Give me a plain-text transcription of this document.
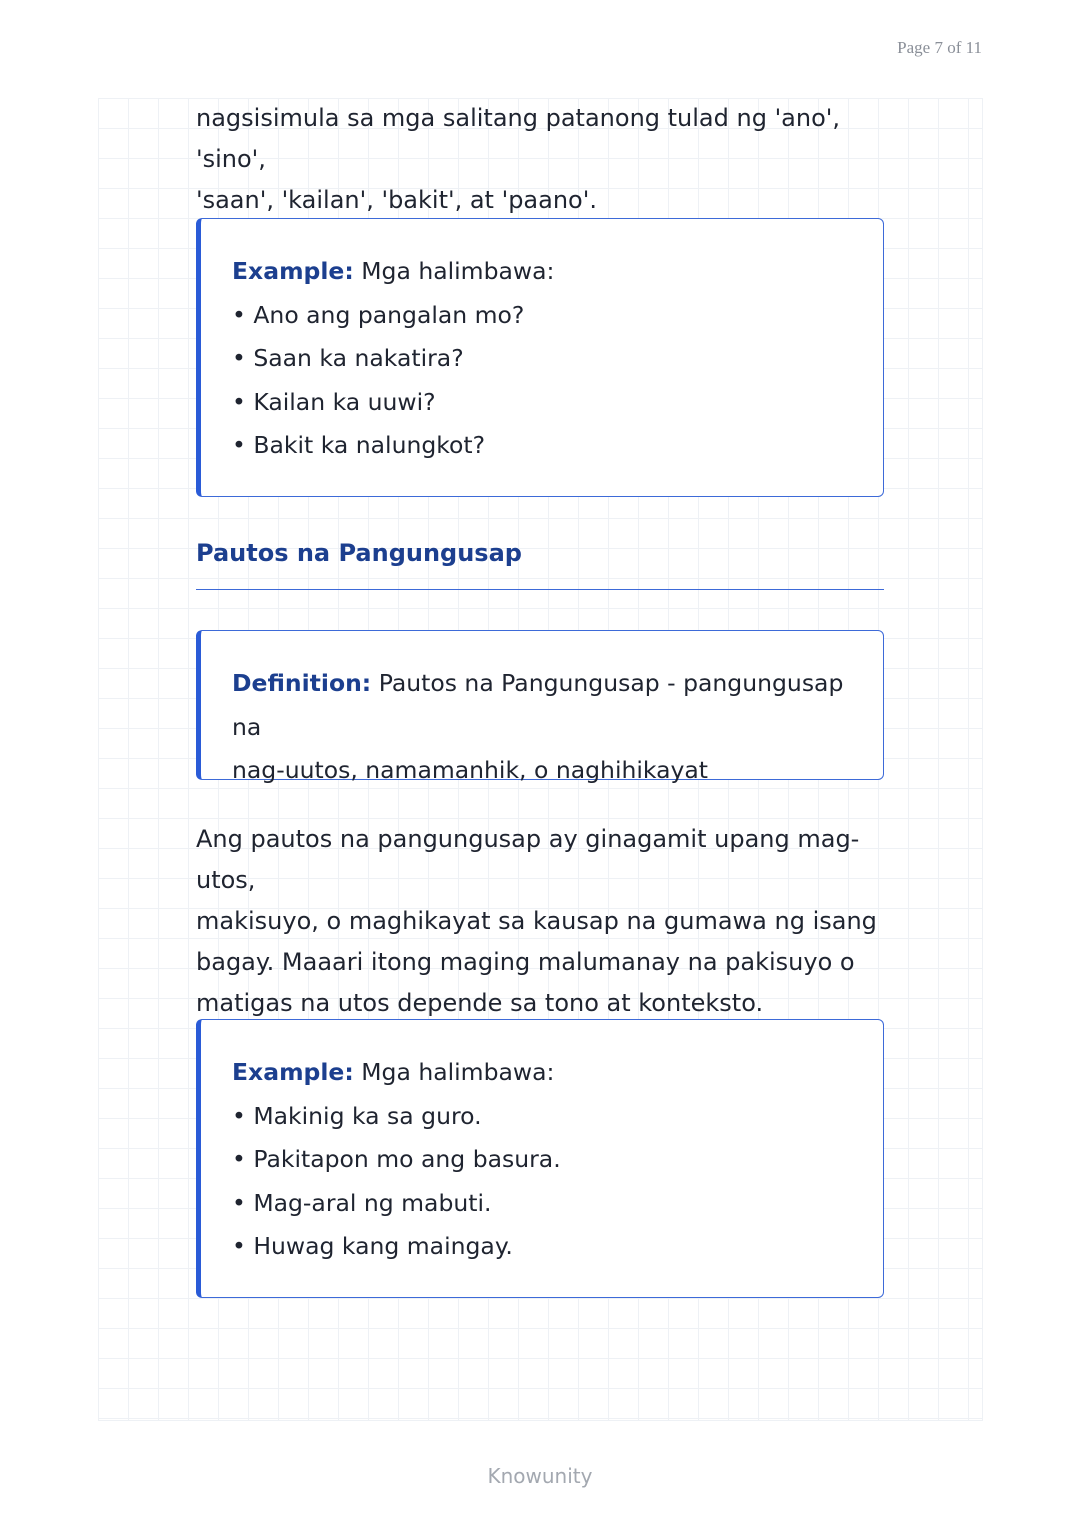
Page 7 of 11
nagsisimula sa mga salitang patanong tulad ng 'ano', 'sino',
'saan', 'kailan', 'bakit', at 'paano'.
Example: Mga halimbawa:
• Ano ang pangalan mo?
• Saan ka nakatira?
• Kailan ka uuwi?
• Bakit ka nalungkot?
Pautos na Pangungusap
Definition: Pautos na Pangungusap - pangungusap na
nag-uutos, namamanhik, o naghihikayat
Ang pautos na pangungusap ay ginagamit upang mag-utos,
makisuyo, o maghikayat sa kausap na gumawa ng isang
bagay. Maaari itong maging malumanay na pakisuyo o
matigas na utos depende sa tono at konteksto.
Example: Mga halimbawa:
• Makinig ka sa guro.
• Pakitapon mo ang basura.
• Mag-aral ng mabuti.
• Huwag kang maingay.
Knowunity
